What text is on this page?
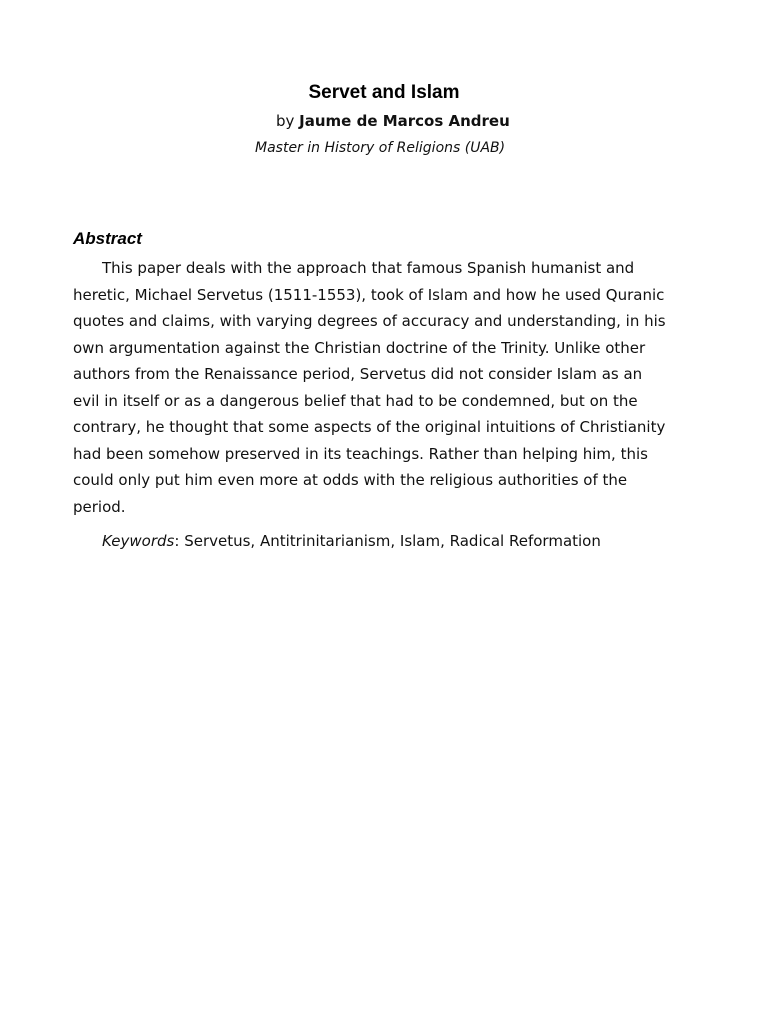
Servet and Islam
by Jaume de Marcos Andreu
Master in History of Religions (UAB)
Abstract
This paper deals with the approach that famous Spanish humanist and
heretic, Michael Servetus (1511-1553), took of Islam and how he used Quranic
quotes and claims, with varying degrees of accuracy and understanding, in his
own argumentation against the Christian doctrine of the Trinity. Unlike other
authors from the Renaissance period, Servetus did not consider Islam as an
evil in itself or as a dangerous belief that had to be condemned, but on the
contrary, he thought that some aspects of the original intuitions of Christianity
had been somehow preserved in its teachings. Rather than helping him, this
could only put him even more at odds with the religious authorities of the
period.
Keywords: Servetus, Antitrinitarianism, Islam, Radical Reformation
